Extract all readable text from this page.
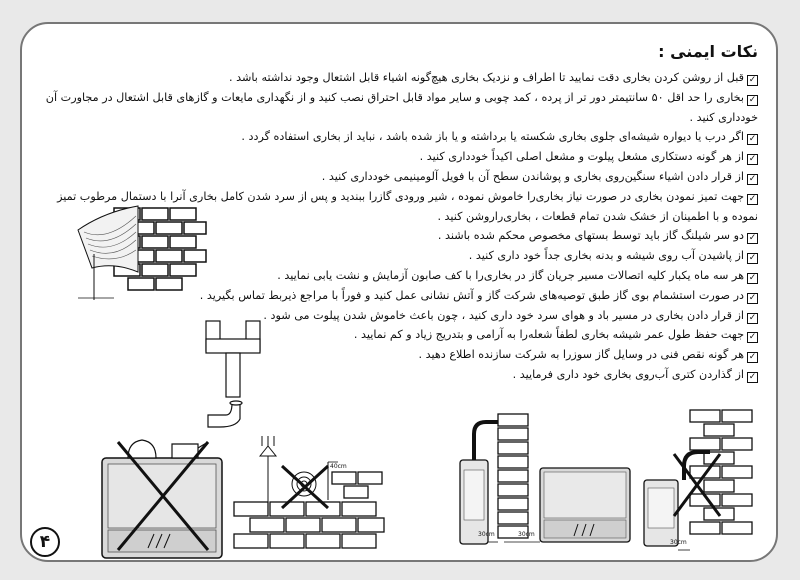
نکات ایمنی :
✓قبل از روشن کردن بخاری دقت نمایید تا اطراف و نزدیک بخاری هیچ‌گونه اشیاء قابل اشتعال وجود نداشته باشد .
✓بخاری را حد اقل ۵۰ سانتیمتر دور تر از پرده ، کمد چوبی و سایر مواد قابل احتراق نصب کنید و از نگهداری مایعات و گازهای قابل اشتعال در مجاورت آن خودداری کنید .
✓اگر درب یا دیواره شیشه‌ای جلوی بخاری شکسته یا برداشته و یا باز شده باشد ، نباید از بخاری استفاده گردد .
✓از هر گونه دستکاری مشعل پیلوت و مشعل اصلی اکیداً خودداری کنید .
✓از قرار دادن اشیاء سنگین‌روی بخاری و پوشاندن سطح آن با فویل آلومینیمی خودداری کنید .
✓جهت تمیز نمودن بخاری در صورت نیاز بخاری‌را خاموش نموده ، شیر ورودی گازرا ببندید و پس از سرد شدن کامل بخاری آنرا با دستمال مرطوب تمیز نموده و با اطمینان از خشک شدن تمام قطعات ، بخاری‌راروشن کنید .
✓دو سر شیلنگ گاز باید توسط بستهای مخصوص محکم شده باشند .
✓از پاشیدن آب روی شیشه و بدنه بخاری جداً خود داری کنید .
✓هر سه ماه یکبار کلیه اتصالات مسیر جریان گاز در بخاری‌را با کف صابون آزمایش و نشت یابی نمایید .
✓در صورت استشمام بوی گاز طبق توصیه‌های شرکت گاز و آتش نشانی عمل کنید و فوراً با مراجع ذیربط تماس بگیرید .
✓از قرار دادن بخاری در مسیر باد و هوای سرد خود داری کنید ، چون باعث خاموش شدن پیلوت می شود .
✓جهت حفظ طول عمر شیشه بخاری لطفاً شعله‌را به آرامی و بتدریج زیاد و کم نمایید .
✓هر گونه نقص فنی در وسایل گاز سوز‌را به شرکت سازنده اطلاع دهید .
✓از گذاردن کتری آب‌روی بخاری خود داری فرمایید .
40cm
30cm	30cm
30cm
۴
